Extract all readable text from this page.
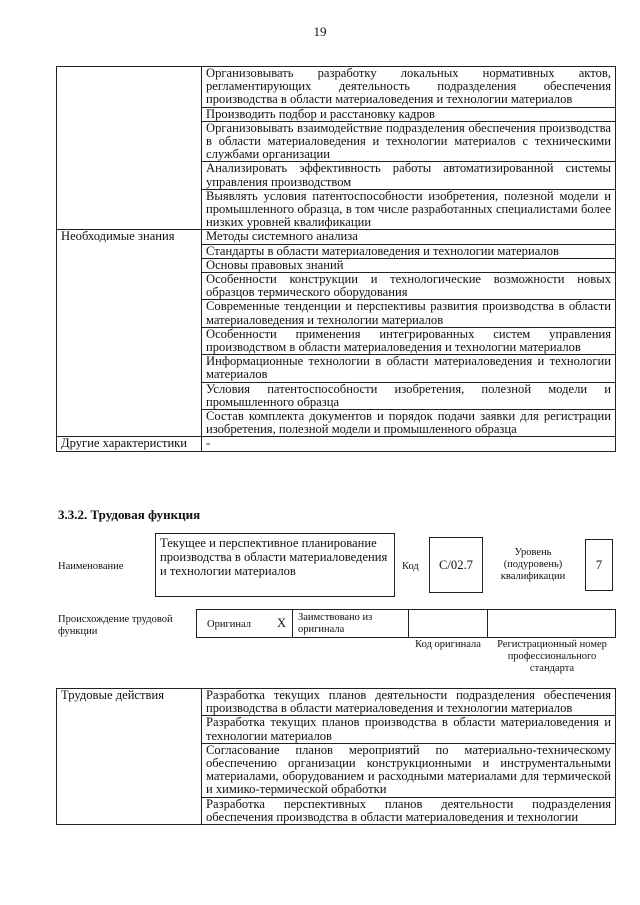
19
	Организовывать разработку локальных нормативных актов, регламентирующих деятельность подразделения обеспечения производства в области материаловедения и технологии материалов
	Производить подбор и расстановку кадров
	Организовывать взаимодействие подразделения обеспечения производства в области материаловедения и технологии материалов с техническими службами организации
	Анализировать эффективность работы автоматизированной системы управления производством
	Выявлять условия патентоспособности изобретения, полезной модели и промышленного образца, в том числе разработанных специалистами более низких уровней квалификации
Необходимые знания	Методы системного анализа
	Стандарты в области материаловедения и технологии материалов
	Основы правовых знаний
	Особенности конструкции и технологические возможности новых образцов термического оборудования
	Современные тенденции и перспективы развития производства в области материаловедения и технологии материалов
	Особенности применения интегрированных систем управления производством в области материаловедения и технологии материалов
	Информационные технологии в области материаловедения и технологии материалов
	Условия патентоспособности изобретения, полезной модели и промышленного образца
	Состав комплекта документов и порядок подачи заявки для регистрации изобретения, полезной модели и промышленного образца
Другие характеристики	-
3.3.2. Трудовая функция
Наименование
Текущее и перспективное планирование производства в области материаловедения и технологии материалов	Код C/02.7
Уровень (подуровень) квалификации
7
Происхождение трудовой функции
Оригинал X Заимствовано из оригинала
Код оригинала	Регистрационный номер профессионального стандарта
Трудовые действия	Разработка текущих планов деятельности подразделения обеспечения производства в области материаловедения и технологии материалов
Разработка текущих планов производства в области материаловедения и технологии материалов
Согласование планов мероприятий по материально-техническому обеспечению организации конструкционными и инструментальными материалами, оборудованием и расходными материалами для термической и химико-термической обработки
Разработка перспективных планов деятельности подразделения обеспечения производства в области материаловедения и технологии
